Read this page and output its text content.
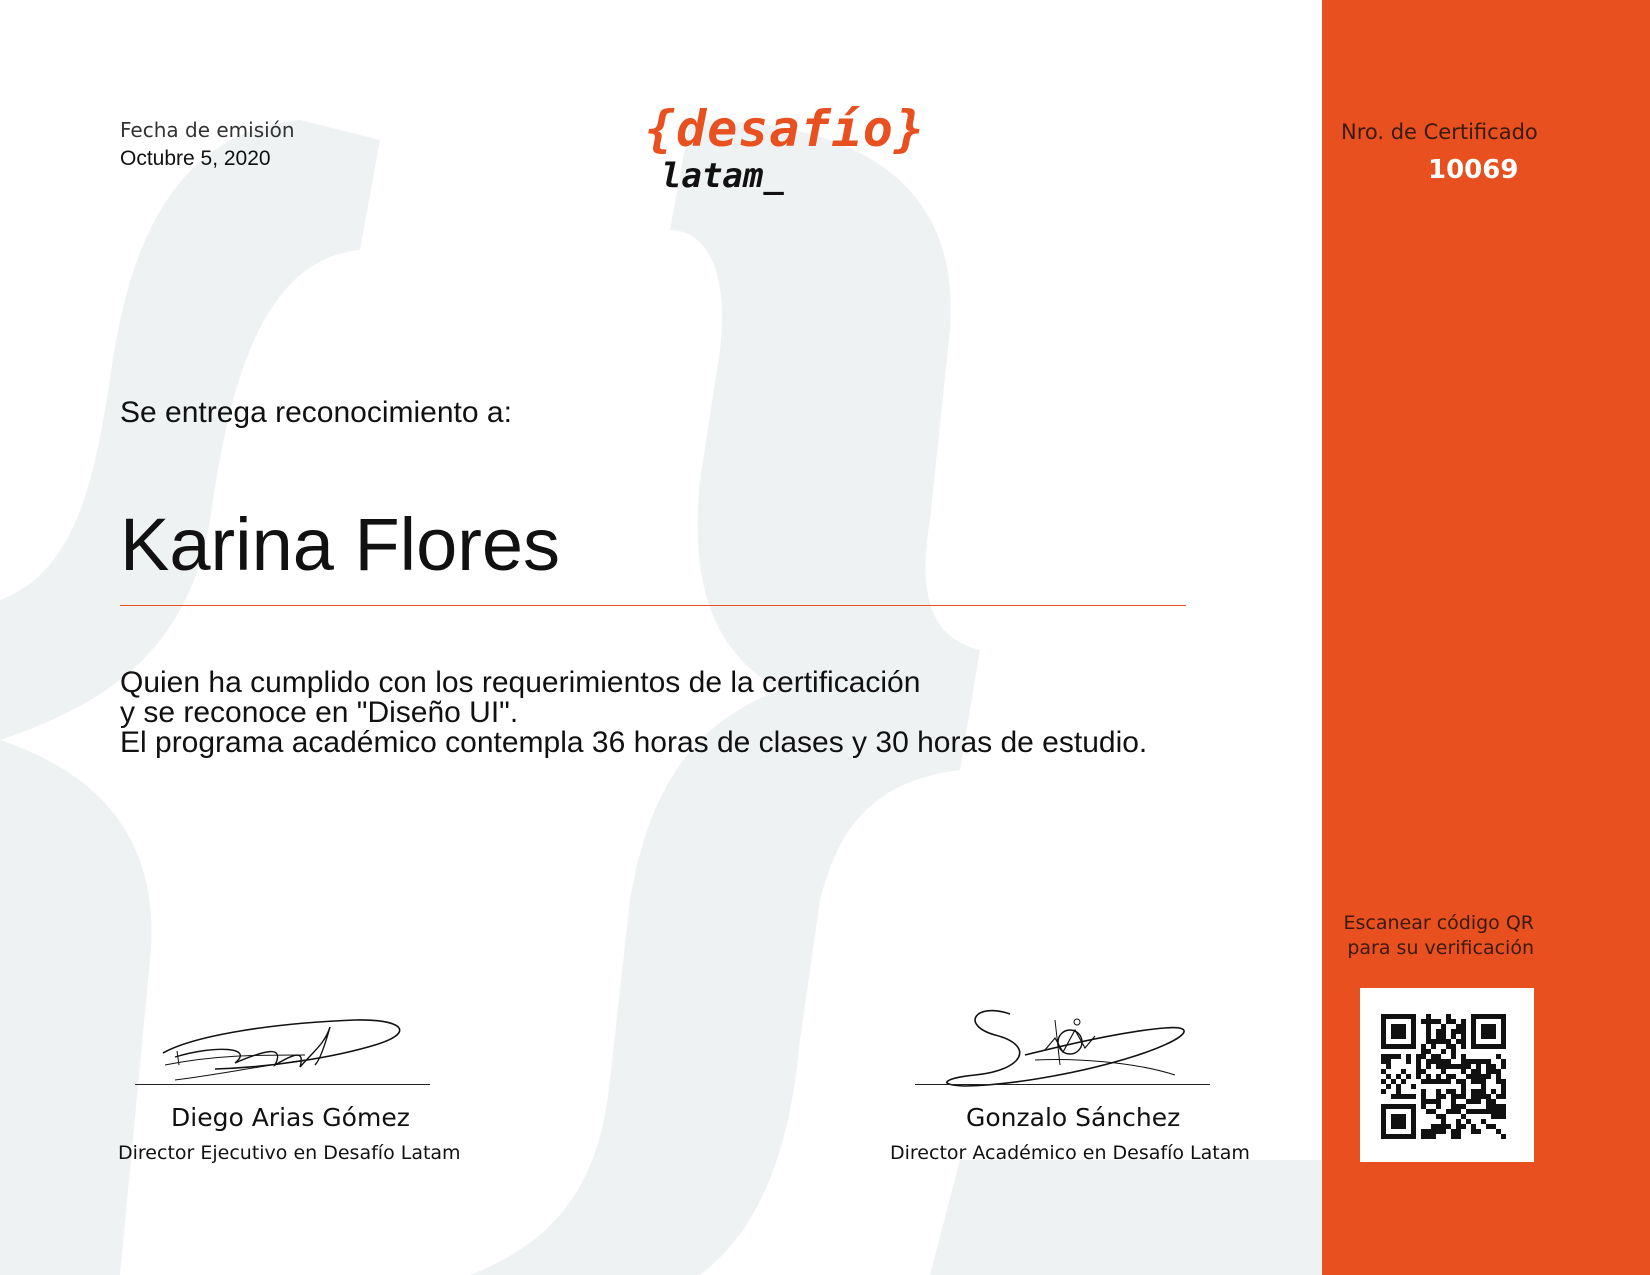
Fecha de emisión
Octubre 5, 2020
{desafío}
latam_
Se entrega reconocimiento a:
Karina Flores
Quien ha cumplido con los requerimientos de la certificación
y se reconoce en "Diseño UI".
El programa académico contempla 36 horas de clases y 30 horas de estudio.
Diego Arias Gómez
Director Ejecutivo en Desafío Latam
Gonzalo Sánchez
Director Académico en Desafío Latam
Nro. de Certificado
10069
Escanear código QR
para su verificación
